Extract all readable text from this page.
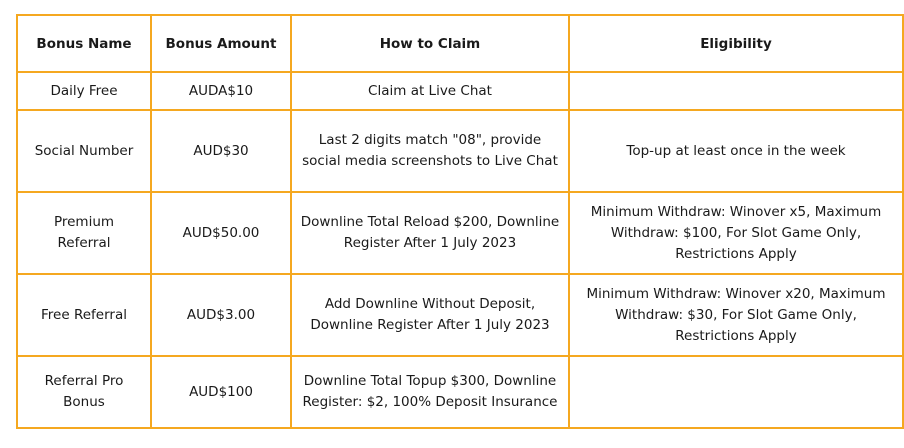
Bonus Name	Bonus Amount	How to Claim	Eligibility
Daily Free	AUDA$10	Claim at Live Chat	
Social Number	AUD$30	Last 2 digits match "08", provide social media screenshots to Live Chat	Top-up at least once in the week
Premium Referral	AUD$50.00	Downline Total Reload $200, Downline Register After 1 July 2023	Minimum Withdraw: Winover x5, Maximum Withdraw: $100, For Slot Game Only, Restrictions Apply
Free Referral	AUD$3.00	Add Downline Without Deposit, Downline Register After 1 July 2023	Minimum Withdraw: Winover x20, Maximum Withdraw: $30, For Slot Game Only, Restrictions Apply
Referral Pro Bonus	AUD$100	Downline Total Topup $300, Downline Register: $2, 100% Deposit Insurance	
